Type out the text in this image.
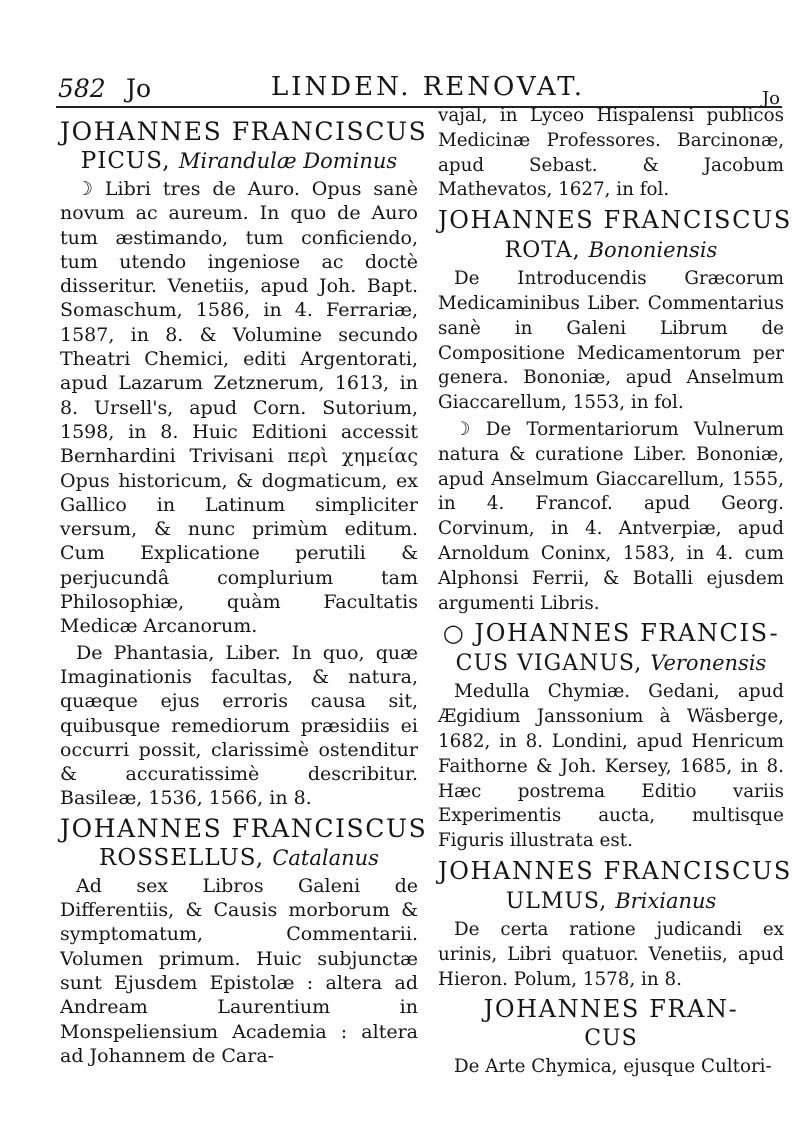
582 Jo	LINDEN. RENOVAT.	Jo

JOHANNES FRANCISCUS

PICUS, Mirandulæ Dominus

☽ Libri tres de Auro. Opus sanè novum ac aureum. In quo de Auro tum æstimando, tum conficiendo, tum utendo ingeniose ac doctè disseritur. Venetiis, apud Joh. Bapt. Somaschum, 1586, in 4. Ferrariæ, 1587, in 8. & Volumine secundo Theatri Chemici, editi Argentorati, apud Lazarum Zetznerum, 1613, in 8. Ursell's, apud Corn. Sutorium, 1598, in 8. Huic Editioni accessit Bernhardini Trivisani περὶ χημείας Opus historicum, & dogmaticum, ex Gallico in Latinum simpliciter versum, & nunc primùm editum. Cum Explicatione perutili & perjucundâ complurium tam Philosophiæ, quàm Facultatis Medicæ Arcanorum.

De Phantasia, Liber. In quo, quæ Imaginationis facultas, & natura, quæque ejus erroris causa sit, quibusque remediorum præsidiis ei occurri possit, clarissimè ostenditur & accuratissimè describitur. Basileæ, 1536, 1566, in 8.

JOHANNES FRANCISCUS

ROSSELLUS, Catalanus

Ad sex Libros Galeni de Differentiis, & Causis morborum & symptomatum, Commentarii. Volumen primum. Huic subjunctæ sunt Ejusdem Epistolæ : altera ad Andream Laurentium in Monspeliensium Academia : altera ad Johannem de Cara-

vajal, in Lyceo Hispalensi publicos Medicinæ Professores. Barcinonæ, apud Sebast. & Jacobum Mathevatos, 1627, in fol.

JOHANNES FRANCISCUS

ROTA, Bononiensis

De Introducendis Græcorum Medicaminibus Liber. Commentarius sanè in Galeni Librum de Compositione Medicamentorum per genera. Bononiæ, apud Anselmum Giaccarellum, 1553, in fol.

☽ De Tormentariorum Vulnerum natura & curatione Liber. Bononiæ, apud Anselmum Giaccarellum, 1555, in 4. Francof. apud Georg. Corvinum, in 4. Antverpiæ, apud Arnoldum Coninx, 1583, in 4. cum Alphonsi Ferrii, & Botalli ejusdem argumenti Libris.

○ JOHANNES FRANCIS-

CUS VIGANUS, Veronensis

Medulla Chymiæ. Gedani, apud Ægidium Janssonium à Wäsberge, 1682, in 8. Londini, apud Henricum Faithorne & Joh. Kersey, 1685, in 8. Hæc postrema Editio variis Experimentis aucta, multisque Figuris illustrata est.

JOHANNES FRANCISCUS

ULMUS, Brixianus

De certa ratione judicandi ex urinis, Libri quatuor. Venetiis, apud Hieron. Polum, 1578, in 8.

JOHANNES FRAN-

CUS

De Arte Chymica, ejusque Cultori-
